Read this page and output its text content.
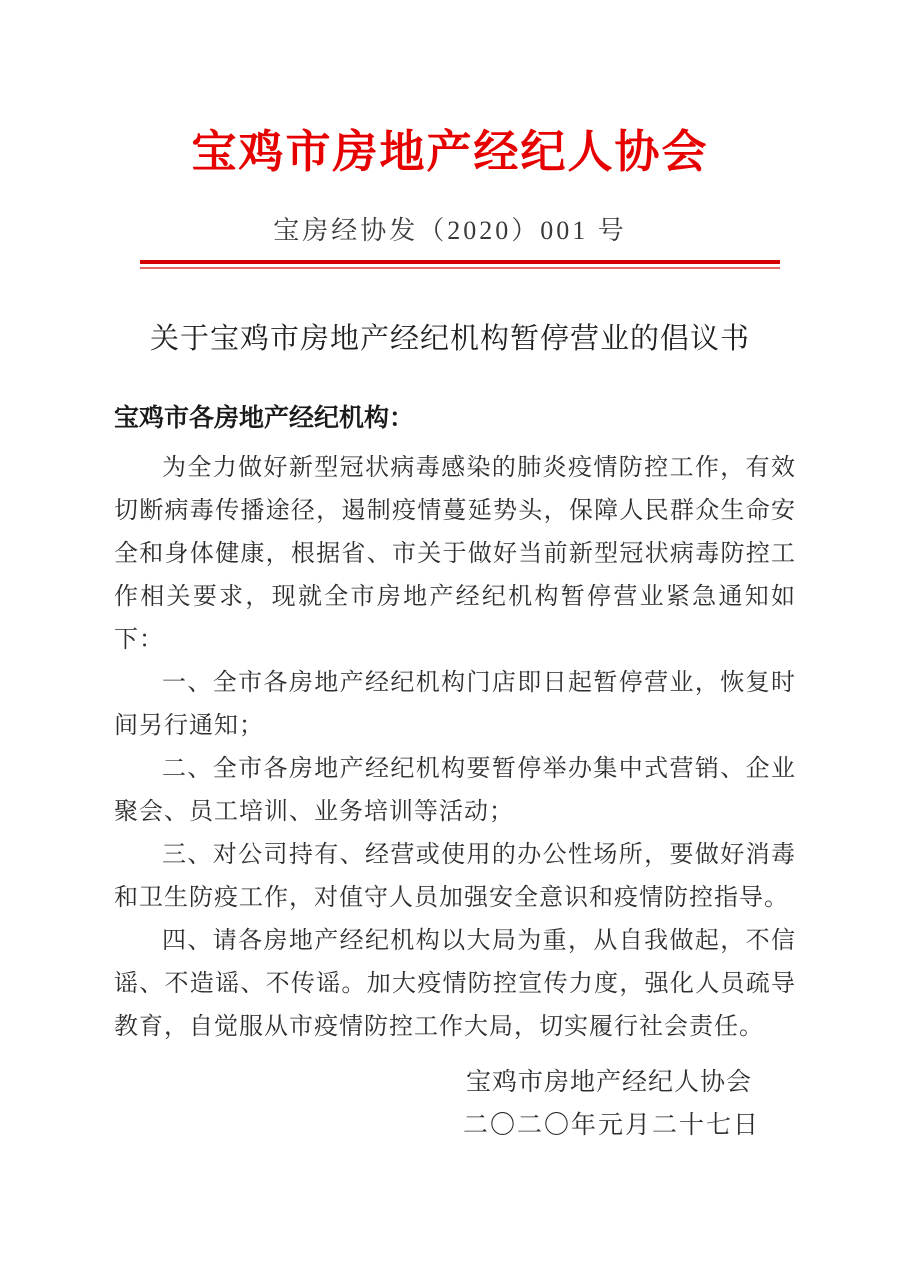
宝鸡市房地产经纪人协会
宝房经协发（2020）001 号
关于宝鸡市房地产经纪机构暂停营业的倡议书
宝鸡市各房地产经纪机构：

为全力做好新型冠状病毒感染的肺炎疫情防控工作，有效切断病毒传播途径，遏制疫情蔓延势头，保障人民群众生命安全和身体健康，根据省、市关于做好当前新型冠状病毒防控工作相关要求，现就全市房地产经纪机构暂停营业紧急通知如下：

一、全市各房地产经纪机构门店即日起暂停营业，恢复时间另行通知；

二、全市各房地产经纪机构要暂停举办集中式营销、企业聚会、员工培训、业务培训等活动；

三、对公司持有、经营或使用的办公性场所，要做好消毒和卫生防疫工作，对值守人员加强安全意识和疫情防控指导。

四、请各房地产经纪机构以大局为重，从自我做起，不信谣、不造谣、不传谣。加大疫情防控宣传力度，强化人员疏导教育，自觉服从市疫情防控工作大局，切实履行社会责任。

宝鸡市房地产经纪人协会
二〇二〇年元月二十七日
